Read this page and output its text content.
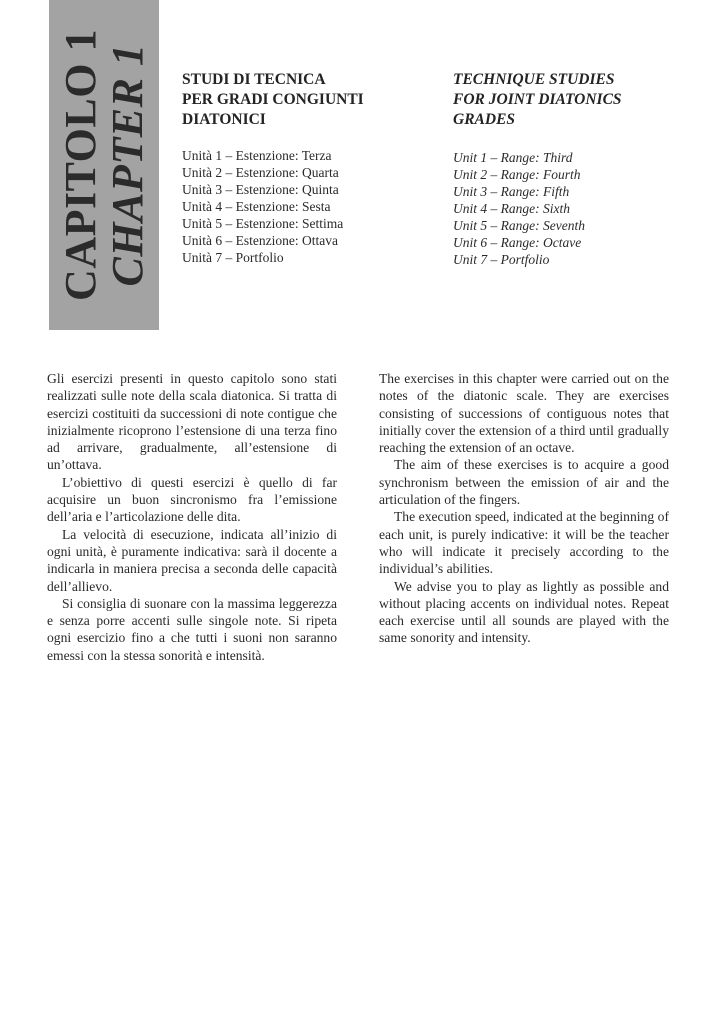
CAPITOLO 1
CHAPTER 1 STUDI DI TECNICA
PER GRADI CONGIUNTI
DIATONICI
Unità 1 – Estenzione: Terza
Unità 2 – Estenzione: Quarta
Unità 3 – Estenzione: Quinta
Unità 4 – Estenzione: Sesta
Unità 5 – Estenzione: Settima
Unità 6 – Estenzione: Ottava
Unità 7 – Portfolio
TECHNIQUE STUDIES
FOR JOINT DIATONICS
GRADES
Unit 1 – Range: Third
Unit 2 – Range: Fourth
Unit 3 – Range: Fifth
Unit 4 – Range: Sixth
Unit 5 – Range: Seventh
Unit 6 – Range: Octave
Unit 7 – Portfolio

Gli esercizi presenti in questo capitolo sono stati realizzati sulle note della scala diatonica. Si tratta di esercizi costituiti da successioni di note contigue che inizialmente ricoprono l’estensione di una terza fino ad arrivare, gradualmente, all’estensione di un’ottava.

L’obiettivo di questi esercizi è quello di far acquisire un buon sincronismo fra l’emissione dell’aria e l’articolazione delle dita.

La velocità di esecuzione, indicata all’inizio di ogni unità, è puramente indicativa: sarà il docente a indicarla in maniera precisa a seconda delle capacità dell’allievo.

Si consiglia di suonare con la massima leggerezza e senza porre accenti sulle singole note. Si ripeta ogni esercizio fino a che tutti i suoni non saranno emessi con la stessa sonorità e intensità.

The exercises in this chapter were carried out on the notes of the diatonic scale. They are exercises consisting of successions of contiguous notes that initially cover the extension of a third until gradually reaching the extension of an octave.

The aim of these exercises is to acquire a good synchronism between the emission of air and the articulation of the fingers.

The execution speed, indicated at the beginning of each unit, is purely indicative: it will be the teacher who will indicate it precisely according to the individual’s abilities.

We advise you to play as lightly as possible and without placing accents on individual notes. Repeat each exercise until all sounds are played with the same sonority and intensity.
